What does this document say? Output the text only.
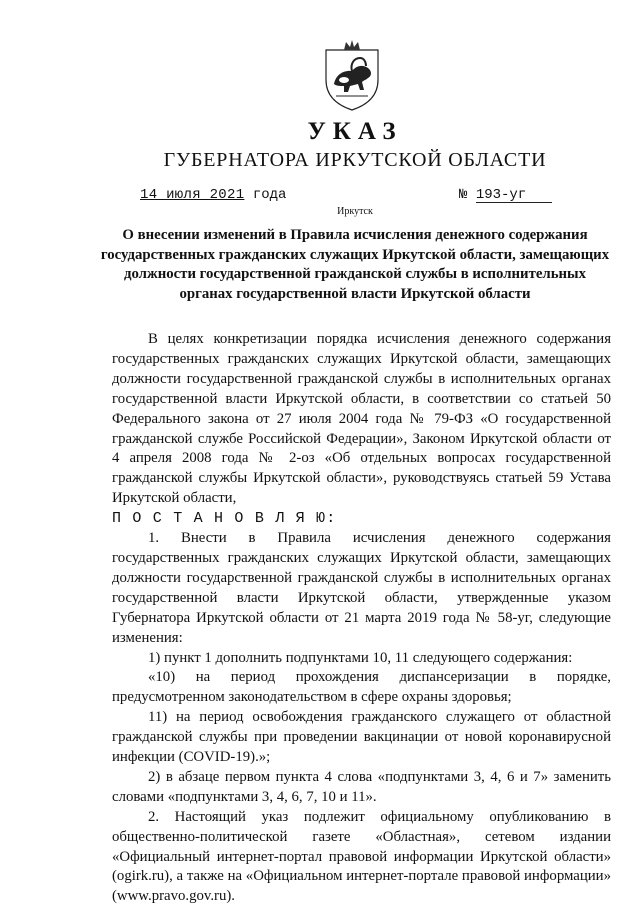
УКАЗ
ГУБЕРНАТОРА ИРКУТСКОЙ ОБЛАСТИ
14 июля 2021 года	№ 193-уг
Иркутск
О внесении изменений в Правила исчисления денежного содержания государственных гражданских служащих Иркутской области, замещающих должности государственной гражданской службы в исполнительных органах государственной власти Иркутской области

В целях конкретизации порядка исчисления денежного содержания государственных гражданских служащих Иркутской области, замещающих должности государственной гражданской службы в исполнительных органах государственной власти Иркутской области, в соответствии со статьей 50 Федерального закона от 27 июля 2004 года № 79-ФЗ «О государственной гражданской службе Российской Федерации», Законом Иркутской области от 4 апреля 2008 года № 2-оз «Об отдельных вопросах государственной гражданской службы Иркутской области», руководствуясь статьей 59 Устава Иркутской области,

П О С Т А Н О В Л Я Ю:

1. Внести в Правила исчисления денежного содержания государственных гражданских служащих Иркутской области, замещающих должности государственной гражданской службы в исполнительных органах государственной власти Иркутской области, утвержденные указом Губернатора Иркутской области от 21 марта 2019 года № 58-уг, следующие изменения:

1) пункт 1 дополнить подпунктами 10, 11 следующего содержания:

«10) на период прохождения диспансеризации в порядке, предусмотренном законодательством в сфере охраны здоровья;

11) на период освобождения гражданского служащего от областной гражданской службы при проведении вакцинации от новой коронавирусной инфекции (COVID-19).»;

2) в абзаце первом пункта 4 слова «подпунктами 3, 4, 6 и 7» заменить словами «подпунктами 3, 4, 6, 7, 10 и 11».

2. Настоящий указ подлежит официальному опубликованию в общественно-политической газете «Областная», сетевом издании «Официальный интернет-портал правовой информации Иркутской области» (ogirk.ru), а также на «Официальном интернет-портале правовой информации» (www.pravo.gov.ru).
